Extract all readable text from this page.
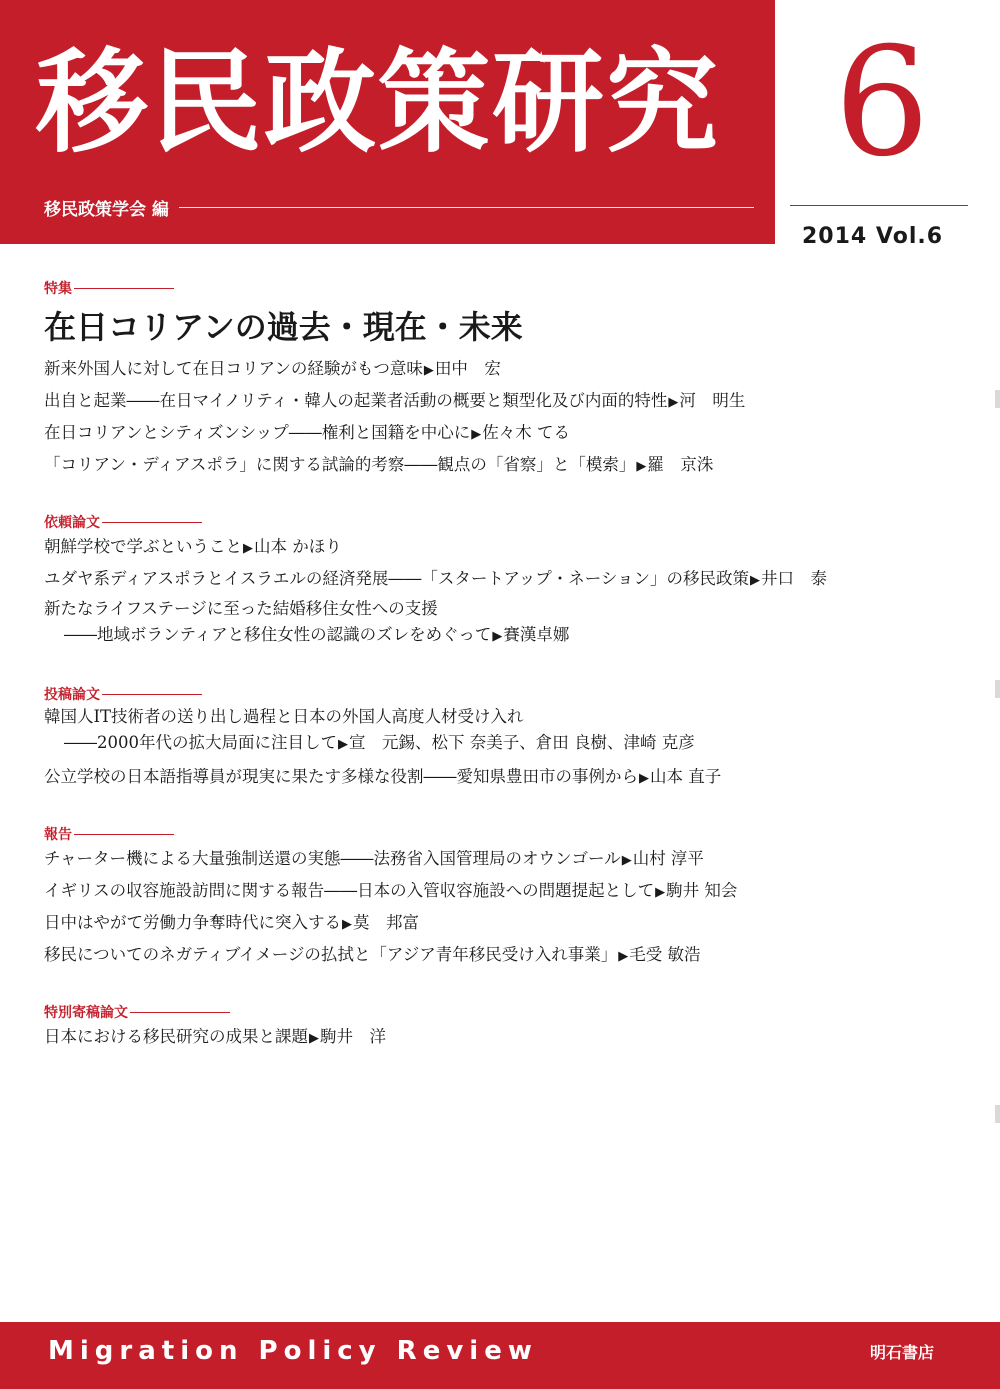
移民政策研究
移民政策学会 編
6
2014 Vol.6
特集
在日コリアンの過去・現在・未来
新来外国人に対して在日コリアンの経験がもつ意味▶田中　宏
出自と起業――在日マイノリティ・韓人の起業者活動の概要と類型化及び内面的特性▶河　明生
在日コリアンとシティズンシップ――権利と国籍を中心に▶佐々木 てる
「コリアン・ディアスポラ」に関する試論的考察――観点の「省察」と「模索」▶羅　京洙
依頼論文
朝鮮学校で学ぶということ▶山本 かほり
ユダヤ系ディアスポラとイスラエルの経済発展――「スタートアップ・ネーション」の移民政策▶井口　泰
新たなライフステージに至った結婚移住女性への支援
――地域ボランティアと移住女性の認識のズレをめぐって▶賽漢卓娜
投稿論文
韓国人IT技術者の送り出し過程と日本の外国人高度人材受け入れ
――2000年代の拡大局面に注目して▶宣　元錫、松下 奈美子、倉田 良樹、津崎 克彦
公立学校の日本語指導員が現実に果たす多様な役割――愛知県豊田市の事例から▶山本 直子
報告
チャーター機による大量強制送還の実態――法務省入国管理局のオウンゴール▶山村 淳平
イギリスの収容施設訪問に関する報告――日本の入管収容施設への問題提起として▶駒井 知会
日中はやがて労働力争奪時代に突入する▶莫　邦富
移民についてのネガティブイメージの払拭と「アジア青年移民受け入れ事業」▶毛受 敏浩
特別寄稿論文
日本における移民研究の成果と課題▶駒井　洋
Migration Policy Review	明石書店
